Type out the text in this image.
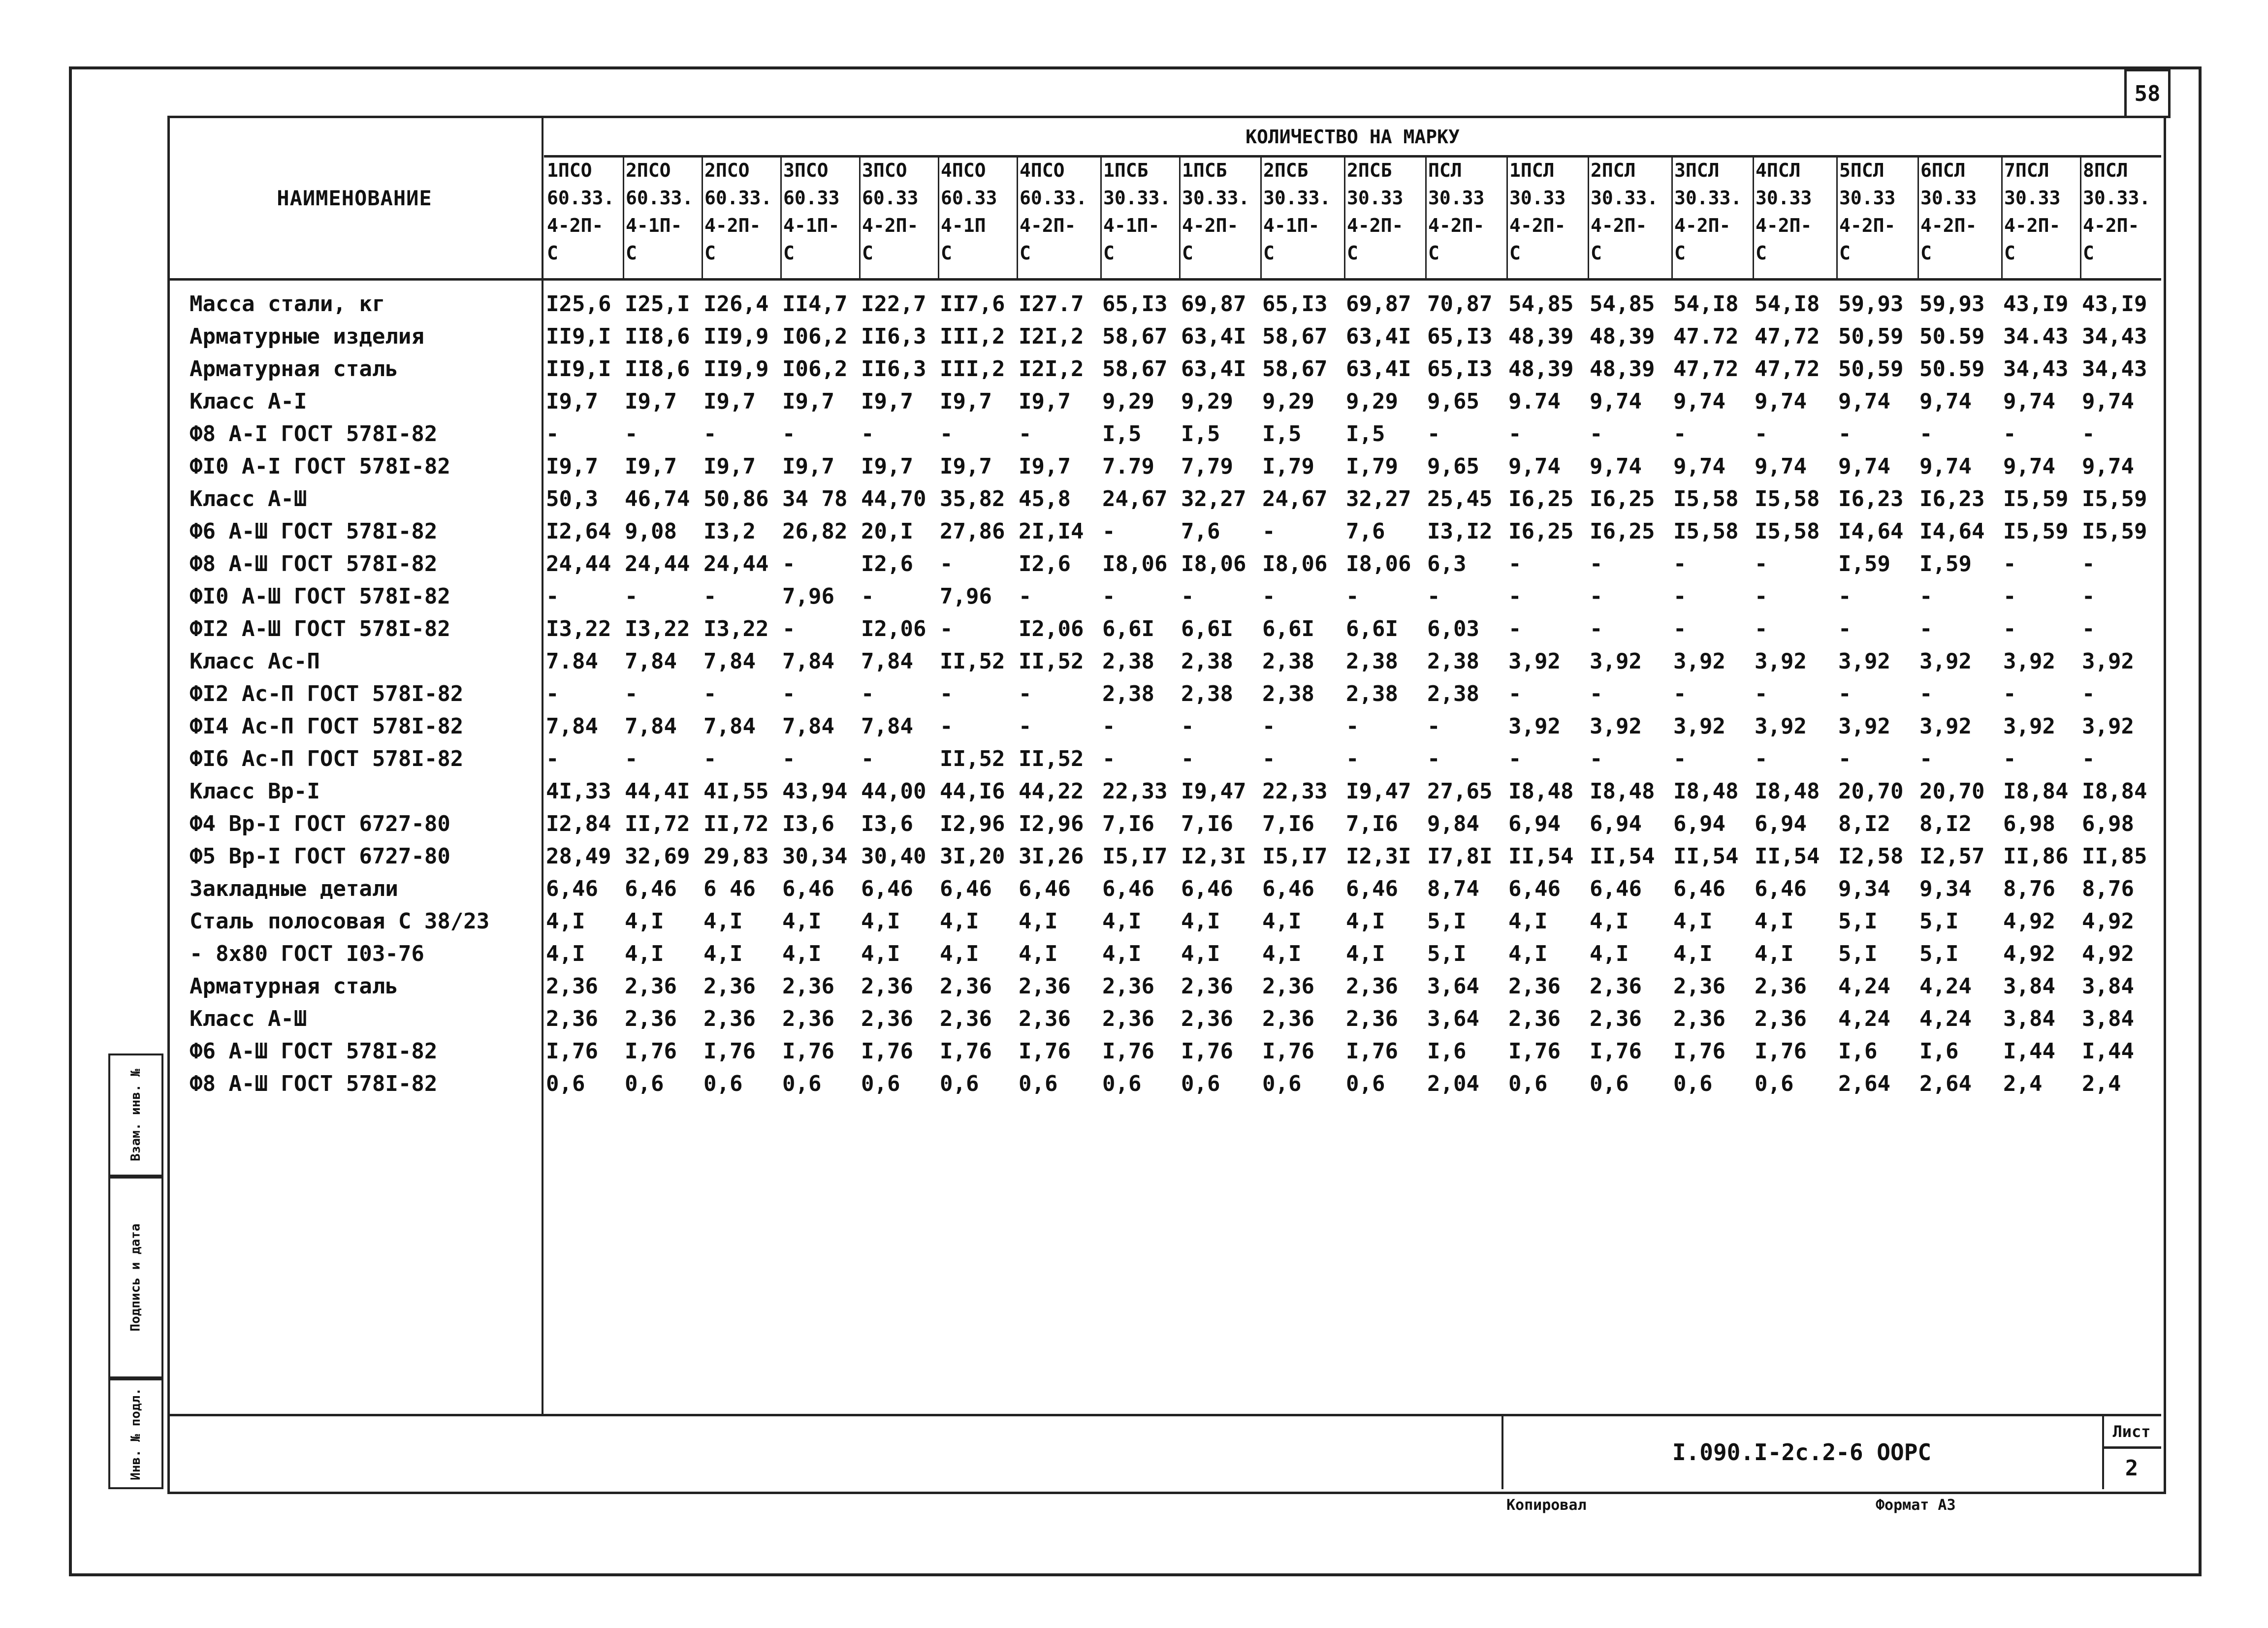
58
НАИМЕНОВАНИЕ
КОЛИЧЕСТВО НА МАРКУ
1ПСО
60.33.
4-2П-
С
2ПСО
60.33.
4-1П-
С
2ПСО
60.33.
4-2П-
С
3ПСО
60.33
4-1П-
С
3ПСО
60.33
4-2П-
С
4ПСО
60.33
4-1П
С
4ПСО
60.33.
4-2П-
С
1ПСБ
30.33.
4-1П-
С
1ПСБ
30.33.
4-2П-
С
2ПСБ
30.33.
4-1П-
С
2ПСБ
30.33
4-2П-
С
ПСЛ
30.33
4-2П-
С
1ПСЛ
30.33
4-2П-
С
2ПСЛ
30.33.
4-2П-
С
3ПСЛ
30.33.
4-2П-
С
4ПСЛ
30.33
4-2П-
С
5ПСЛ
30.33
4-2П-
С
6ПСЛ
30.33
4-2П-
С
7ПСЛ
30.33
4-2П-
С
8ПСЛ
30.33.
4-2П-
С
Масса стали, кг	I25,6 I25,I I26,4 II4,7 I22,7 II7,6 I27.7 65,I3 69,87 65,I3 69,87 70,87 54,85 54,85 54,I8 54,I8 59,93 59,93 43,I9 43,I9
Арматурные изделия	II9,I II8,6 II9,9 I06,2 II6,3 III,2 I2I,2 58,67 63,4I 58,67 63,4I 65,I3 48,39 48,39 47.72 47,72 50,59 50.59 34.43 34,43
Арматурная сталь	II9,I II8,6 II9,9 I06,2 II6,3 III,2 I2I,2 58,67 63,4I 58,67 63,4I 65,I3 48,39 48,39 47,72 47,72 50,59 50.59 34,43 34,43
Класс А-I	I9,7	I9,7	I9,7	I9,7	I9,7	I9,7	I9,7	9,29	9,29	9,29	9,29	9,65	9.74	9,74	9,74	9,74	9,74	9,74	9,74	9,74
Ф8 А-I ГОСТ 578I-82	-	-	-	-	-	-	-	I,5	I,5	I,5	I,5	-	-	-	-	-	-	-	-	-
ФI0 А-I ГОСТ 578I-82	I9,7	I9,7	I9,7	I9,7	I9,7	I9,7	I9,7	7.79	7,79	I,79	I,79	9,65	9,74	9,74	9,74	9,74	9,74	9,74	9,74	9,74
Класс А-Ш	50,3	46,74 50,86 34 78 44,70 35,82 45,8	24,67 32,27 24,67 32,27 25,45 I6,25 I6,25 I5,58 I5,58 I6,23 I6,23 I5,59 I5,59
Ф6 А-Ш ГОСТ 578I-82	I2,64 9,08	I3,2	26,82 20,I	27,86 2I,I4 -	7,6	-	7,6	I3,I2 I6,25 I6,25 I5,58 I5,58 I4,64 I4,64 I5,59 I5,59
Ф8 А-Ш ГОСТ 578I-82	24,44 24,44 24,44 -	I2,6	-	I2,6	I8,06 I8,06 I8,06 I8,06 6,3	-	-	-	-	I,59	I,59	-	-
ФI0 А-Ш ГОСТ 578I-82	-	-	-	7,96	-	7,96	-	-	-	-	-	-	-	-	-	-	-	-	-	-
ФI2 А-Ш ГОСТ 578I-82	I3,22 I3,22 I3,22 -	I2,06 -	I2,06 6,6I	6,6I	6,6I	6,6I	6,03	-	-	-	-	-	-	-	-
Класс Ас-П	7.84	7,84	7,84	7,84	7,84	II,52 II,52 2,38	2,38	2,38	2,38	2,38	3,92	3,92	3,92	3,92	3,92	3,92	3,92	3,92
ФI2 Ас-П ГОСТ 578I-82	-	-	-	-	-	-	-	2,38	2,38	2,38	2,38	2,38	-	-	-	-	-	-	-	-
ФI4 Ас-П ГОСТ 578I-82	7,84	7,84	7,84	7,84	7,84	-	-	-	-	-	-	-	3,92	3,92	3,92	3,92	3,92	3,92	3,92	3,92
ФI6 Ас-П ГОСТ 578I-82	-	-	-	-	-	II,52 II,52 -	-	-	-	-	-	-	-	-	-	-	-	-
Класс Вр-I	4I,33 44,4I 4I,55 43,94 44,00 44,I6 44,22 22,33 I9,47 22,33 I9,47 27,65 I8,48 I8,48 I8,48 I8,48 20,70 20,70 I8,84 I8,84
Ф4 Вр-I ГОСТ 6727-80	I2,84 II,72 II,72 I3,6	I3,6	I2,96 I2,96 7,I6	7,I6	7,I6	7,I6	9,84	6,94	6,94	6,94	6,94	8,I2	8,I2	6,98	6,98
Ф5 Вр-I ГОСТ 6727-80	28,49 32,69 29,83 30,34 30,40 3I,20 3I,26 I5,I7 I2,3I I5,I7 I2,3I I7,8I II,54 II,54 II,54 II,54 I2,58 I2,57 II,86 II,85
Закладные детали	6,46	6,46	6 46	6,46	6,46	6,46	6,46	6,46	6,46	6,46	6,46	8,74	6,46	6,46	6,46	6,46	9,34	9,34	8,76	8,76
Сталь полосовая С 38/23	4,I	4,I	4,I	4,I	4,I	4,I	4,I	4,I	4,I	4,I	4,I	5,I	4,I	4,I	4,I	4,I	5,I	5,I	4,92	4,92
- 8х80 ГОСТ I03-76	4,I	4,I	4,I	4,I	4,I	4,I	4,I	4,I	4,I	4,I	4,I	5,I	4,I	4,I	4,I	4,I	5,I	5,I	4,92	4,92
Арматурная сталь	2,36	2,36	2,36	2,36	2,36	2,36	2,36	2,36	2,36	2,36	2,36	3,64	2,36	2,36	2,36	2,36	4,24	4,24	3,84	3,84
Класс А-Ш	2,36	2,36	2,36	2,36	2,36	2,36	2,36	2,36	2,36	2,36	2,36	3,64	2,36	2,36	2,36	2,36	4,24	4,24	3,84	3,84
Ф6 А-Ш ГОСТ 578I-82	I,76	I,76	I,76	I,76	I,76	I,76	I,76	I,76	I,76	I,76	I,76	I,6	I,76	I,76	I,76	I,76	I,6	I,6	I,44	I,44
Ф8 А-Ш ГОСТ 578I-82	0,6	0,6	0,6	0,6	0,6	0,6	0,6	0,6	0,6	0,6	0,6	2,04	0,6	0,6	0,6	0,6	2,64	2,64	2,4	2,4
Взам. инв. №
Подпись и дата
Инв. № подл.	I.090.I-2с.2-6 ООРС
Лист
2
Копировал	Формат А3
